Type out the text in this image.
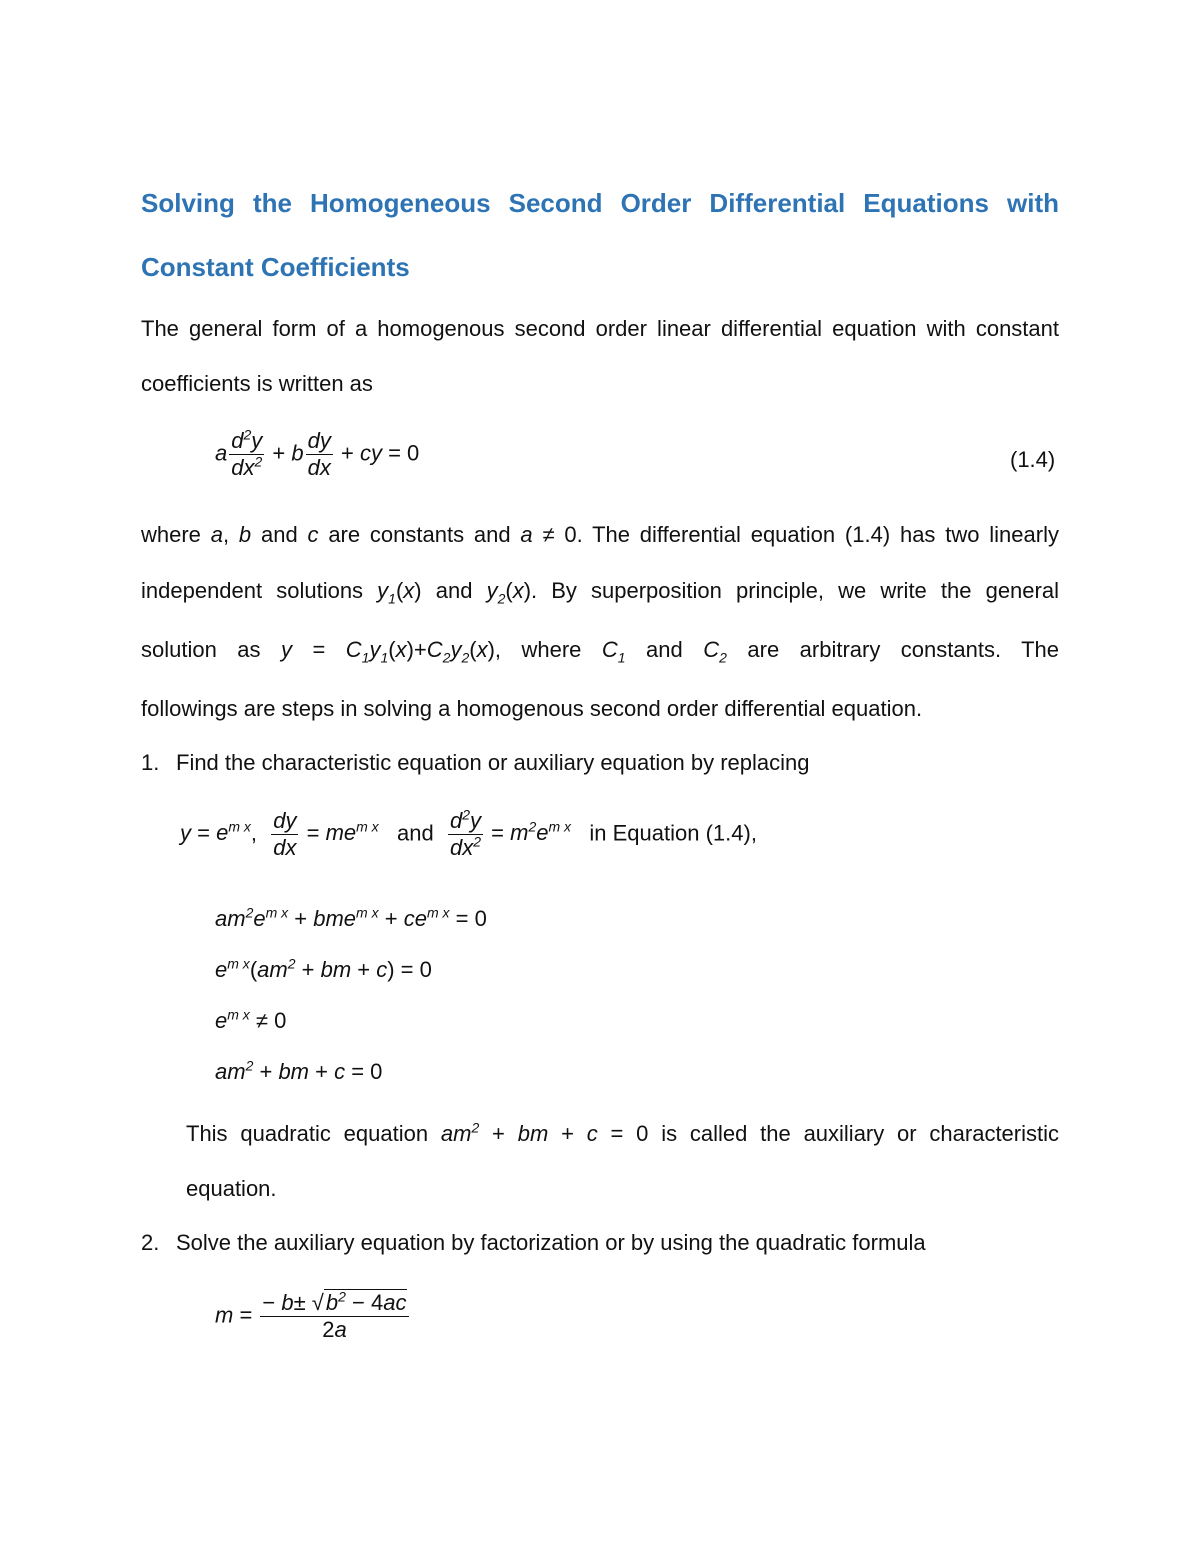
Solving the Homogeneous Second Order Differential Equations with
Constant Coefficients
The general form of a homogenous second order linear differential equation with constant
coefficients is written as
a $\frac{d^2y}{dx^2} + b \frac{dy}{dx}$ + cy = 0	(1.4)
where a, b and c are constants and a ≠ 0. The differential equation (1.4) has two linearly
independent solutions $y_1(x)$ and $y_2(x)$. By superposition principle, we write the general
solution as $y = C_1y_1(x)+C_2y_2(x)$, where $C_1$ and $C_2$ are arbitrary constants. The
followings are steps in solving a homogenous second order differential equation.
1. Find the characteristic equation or auxiliary equation by replacing
$y = e^{m x}$, $\frac{dy}{dx} = me^{m x}$ and $\frac{d^2y}{dx^2} = m^2e^{m x}$ in Equation (1.4),
$am^2e^{m x} + bme^{m x} + ce^{m x} = 0$
$e^{m x}(am^2$ + bm + c) = 0
$e^{m x} \ne 0$
$am^2$ + bm + c = 0
This quadratic equation $am^2$ + bm + c = 0 is called the auxiliary or characteristic
equation.
2. Solve the auxiliary equation by factorization or by using the quadratic formula
$m = \frac{- b\pm √b^2 - 4ac}{2a}$
